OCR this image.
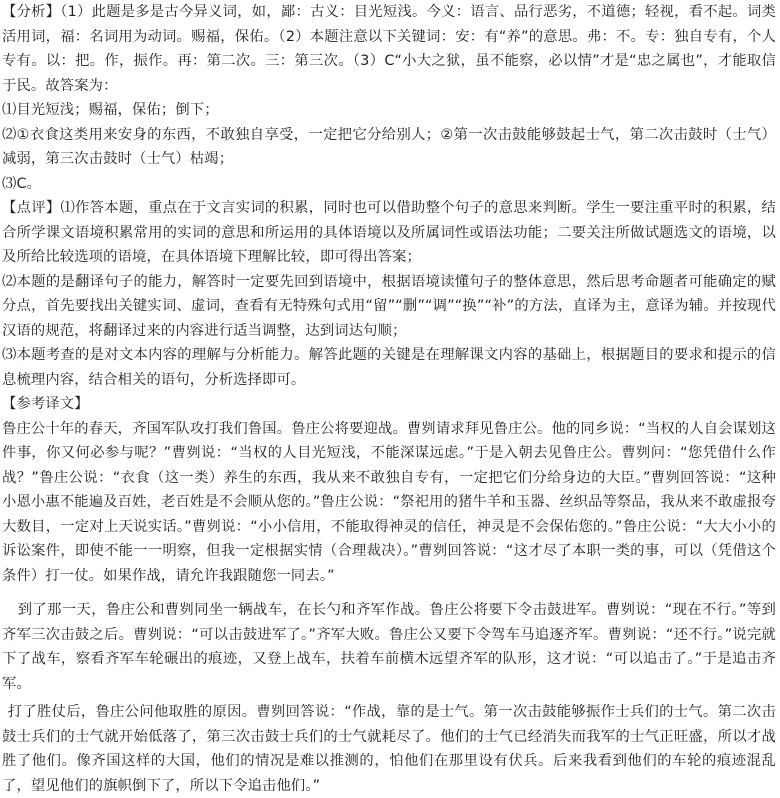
【分析】（1）此题是多是古今异义词，如，鄙：古义：目光短浅。今义：语言、品行恶劣，不道德；轻视，看不起。词类活用词，福：名词用为动词。赐福，保佑。（2）本题注意以下关键词：安：有“养”的意思。弗：不。专：独自专有，个人专有。以：把。作，振作。再：第二次。三：第三次。（3）C“小大之狱，虽不能察，必以情”才是“忠之属也”，才能取信于民。故答案为：

⑴目光短浅；赐福，保佑；倒下；

⑵①衣食这类用来安身的东西，不敢独自享受，一定把它分给别人；②第一次击鼓能够鼓起士气，第二次击鼓时（士气）减弱，第三次击鼓时（士气）枯竭；

⑶C。

【点评】⑴作答本题，重点在于文言实词的积累，同时也可以借助整个句子的意思来判断。学生一要注重平时的积累，结合所学课文语境积累常用的实词的意思和所运用的具体语境以及所属词性或语法功能；二要关注所做试题选文的语境，以及所给比较选项的语境，在具体语境下理解比较，即可得出答案；

⑵本题的是翻译句子的能力，解答时一定要先回到语境中，根据语境读懂句子的整体意思，然后思考命题者可能确定的赋分点，首先要找出关键实词、虚词，查看有无特殊句式用“留”“删”“调”“换”“补”的方法，直译为主，意译为辅。并按现代汉语的规范，将翻译过来的内容进行适当调整，达到词达句顺；

⑶本题考查的是对文本内容的理解与分析能力。解答此题的关键是在理解课文内容的基础上，根据题目的要求和提示的信息梳理内容，结合相关的语句，分析选择即可。

【参考译文】

鲁庄公十年的春天，齐国军队攻打我们鲁国。鲁庄公将要迎战。曹刿请求拜见鲁庄公。他的同乡说：“当权的人自会谋划这件事，你又何必参与呢？”曹刿说：“当权的人目光短浅，不能深谋远虑。”于是入朝去见鲁庄公。曹刿问：“您凭借什么作战？”鲁庄公说：“衣食（这一类）养生的东西，我从来不敢独自专有，一定把它们分给身边的大臣。”曹刿回答说：“这种小恩小惠不能遍及百姓，老百姓是不会顺从您的。”鲁庄公说：“祭祀用的猪牛羊和玉器、丝织品等祭品，我从来不敢虚报夸大数目，一定对上天说实话。”曹刿说：“小小信用，不能取得神灵的信任，神灵是不会保佑您的。”鲁庄公说：“大大小小的诉讼案件，即使不能一一明察，但我一定根据实情（合理裁决）。”曹刿回答说：“这才尽了本职一类的事，可以（凭借这个条件）打一仗。如果作战，请允许我跟随您一同去。”

到了那一天，鲁庄公和曹刿同坐一辆战车，在长勺和齐军作战。鲁庄公将要下令击鼓进军。曹刿说：“现在不行。”等到齐军三次击鼓之后。曹刿说：“可以击鼓进军了。”齐军大败。鲁庄公又要下令驾车马追逐齐军。曹刿说：“还不行。”说完就下了战车，察看齐军车轮碾出的痕迹，又登上战车，扶着车前横木远望齐军的队形，这才说：“可以追击了。”于是追击齐军。

打了胜仗后，鲁庄公问他取胜的原因。曹刿回答说：“作战，靠的是士气。第一次击鼓能够振作士兵们的士气。第二次击鼓士兵们的士气就开始低落了，第三次击鼓士兵们的士气就耗尽了。他们的士气已经消失而我军的士气正旺盛，所以才战胜了他们。像齐国这样的大国，他们的情况是难以推测的，怕他们在那里设有伏兵。后来我看到他们的车轮的痕迹混乱了，望见他们的旗帜倒下了，所以下令追击他们。”
